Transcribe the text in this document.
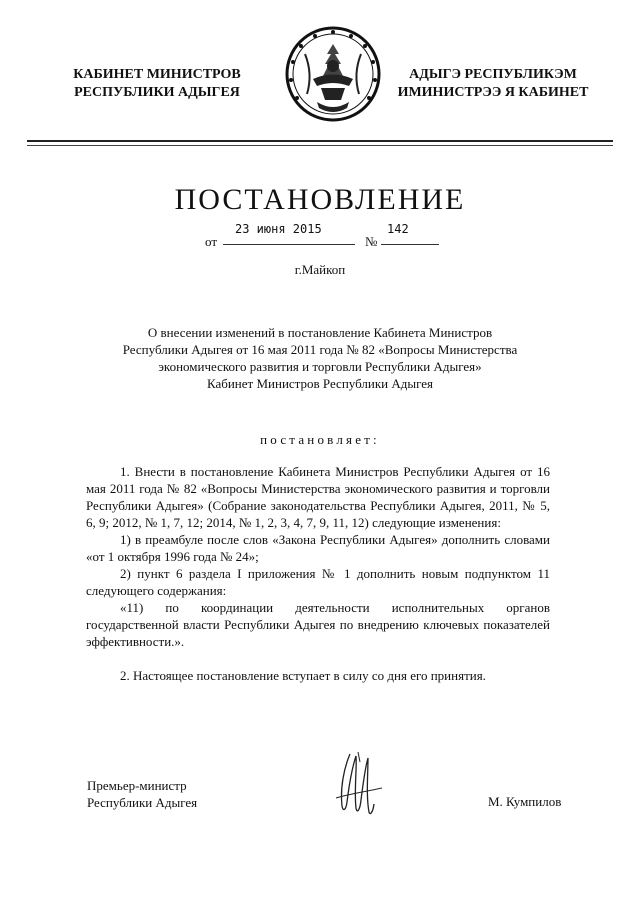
КАБИНЕТ МИНИСТРОВ
РЕСПУБЛИКИ АДЫГЕЯ
АДЫГЭ РЕСПУБЛИКЭМ
ИМИНИСТРЭЭ Я КАБИНЕТ
ПОСТАНОВЛЕНИЕ
от
23 июня 2015
№
142
г.Майкоп
О внесении изменений в постановление Кабинета Министров
Республики Адыгея от 16 мая 2011 года № 82 «Вопросы Министерства
экономического развития и торговли Республики Адыгея»
Кабинет Министров Республики Адыгея
постановляет:

1. Внести в постановление Кабинета Министров Республики Адыгея от 16 мая 2011 года № 82 «Вопросы Министерства экономического развития и торговли Республики Адыгея» (Собрание законодательства Республики Адыгея, 2011, № 5, 6, 9; 2012, № 1, 7, 12; 2014, № 1, 2, 3, 4, 7, 9, 11, 12) следующие изменения:

1) в преамбуле после слов «Закона Республики Адыгея» дополнить словами «от 1 октября 1996 года № 24»;

2) пункт 6 раздела I приложения № 1 дополнить новым подпунктом 11 следующего содержания:

«11) по координации деятельности исполнительных органов государственной власти Республики Адыгея по внедрению ключевых показателей эффективности.».

2. Настоящее постановление вступает в силу со дня его принятия.

Премьер-министр
Республики Адыгея	М. Кумпилов
